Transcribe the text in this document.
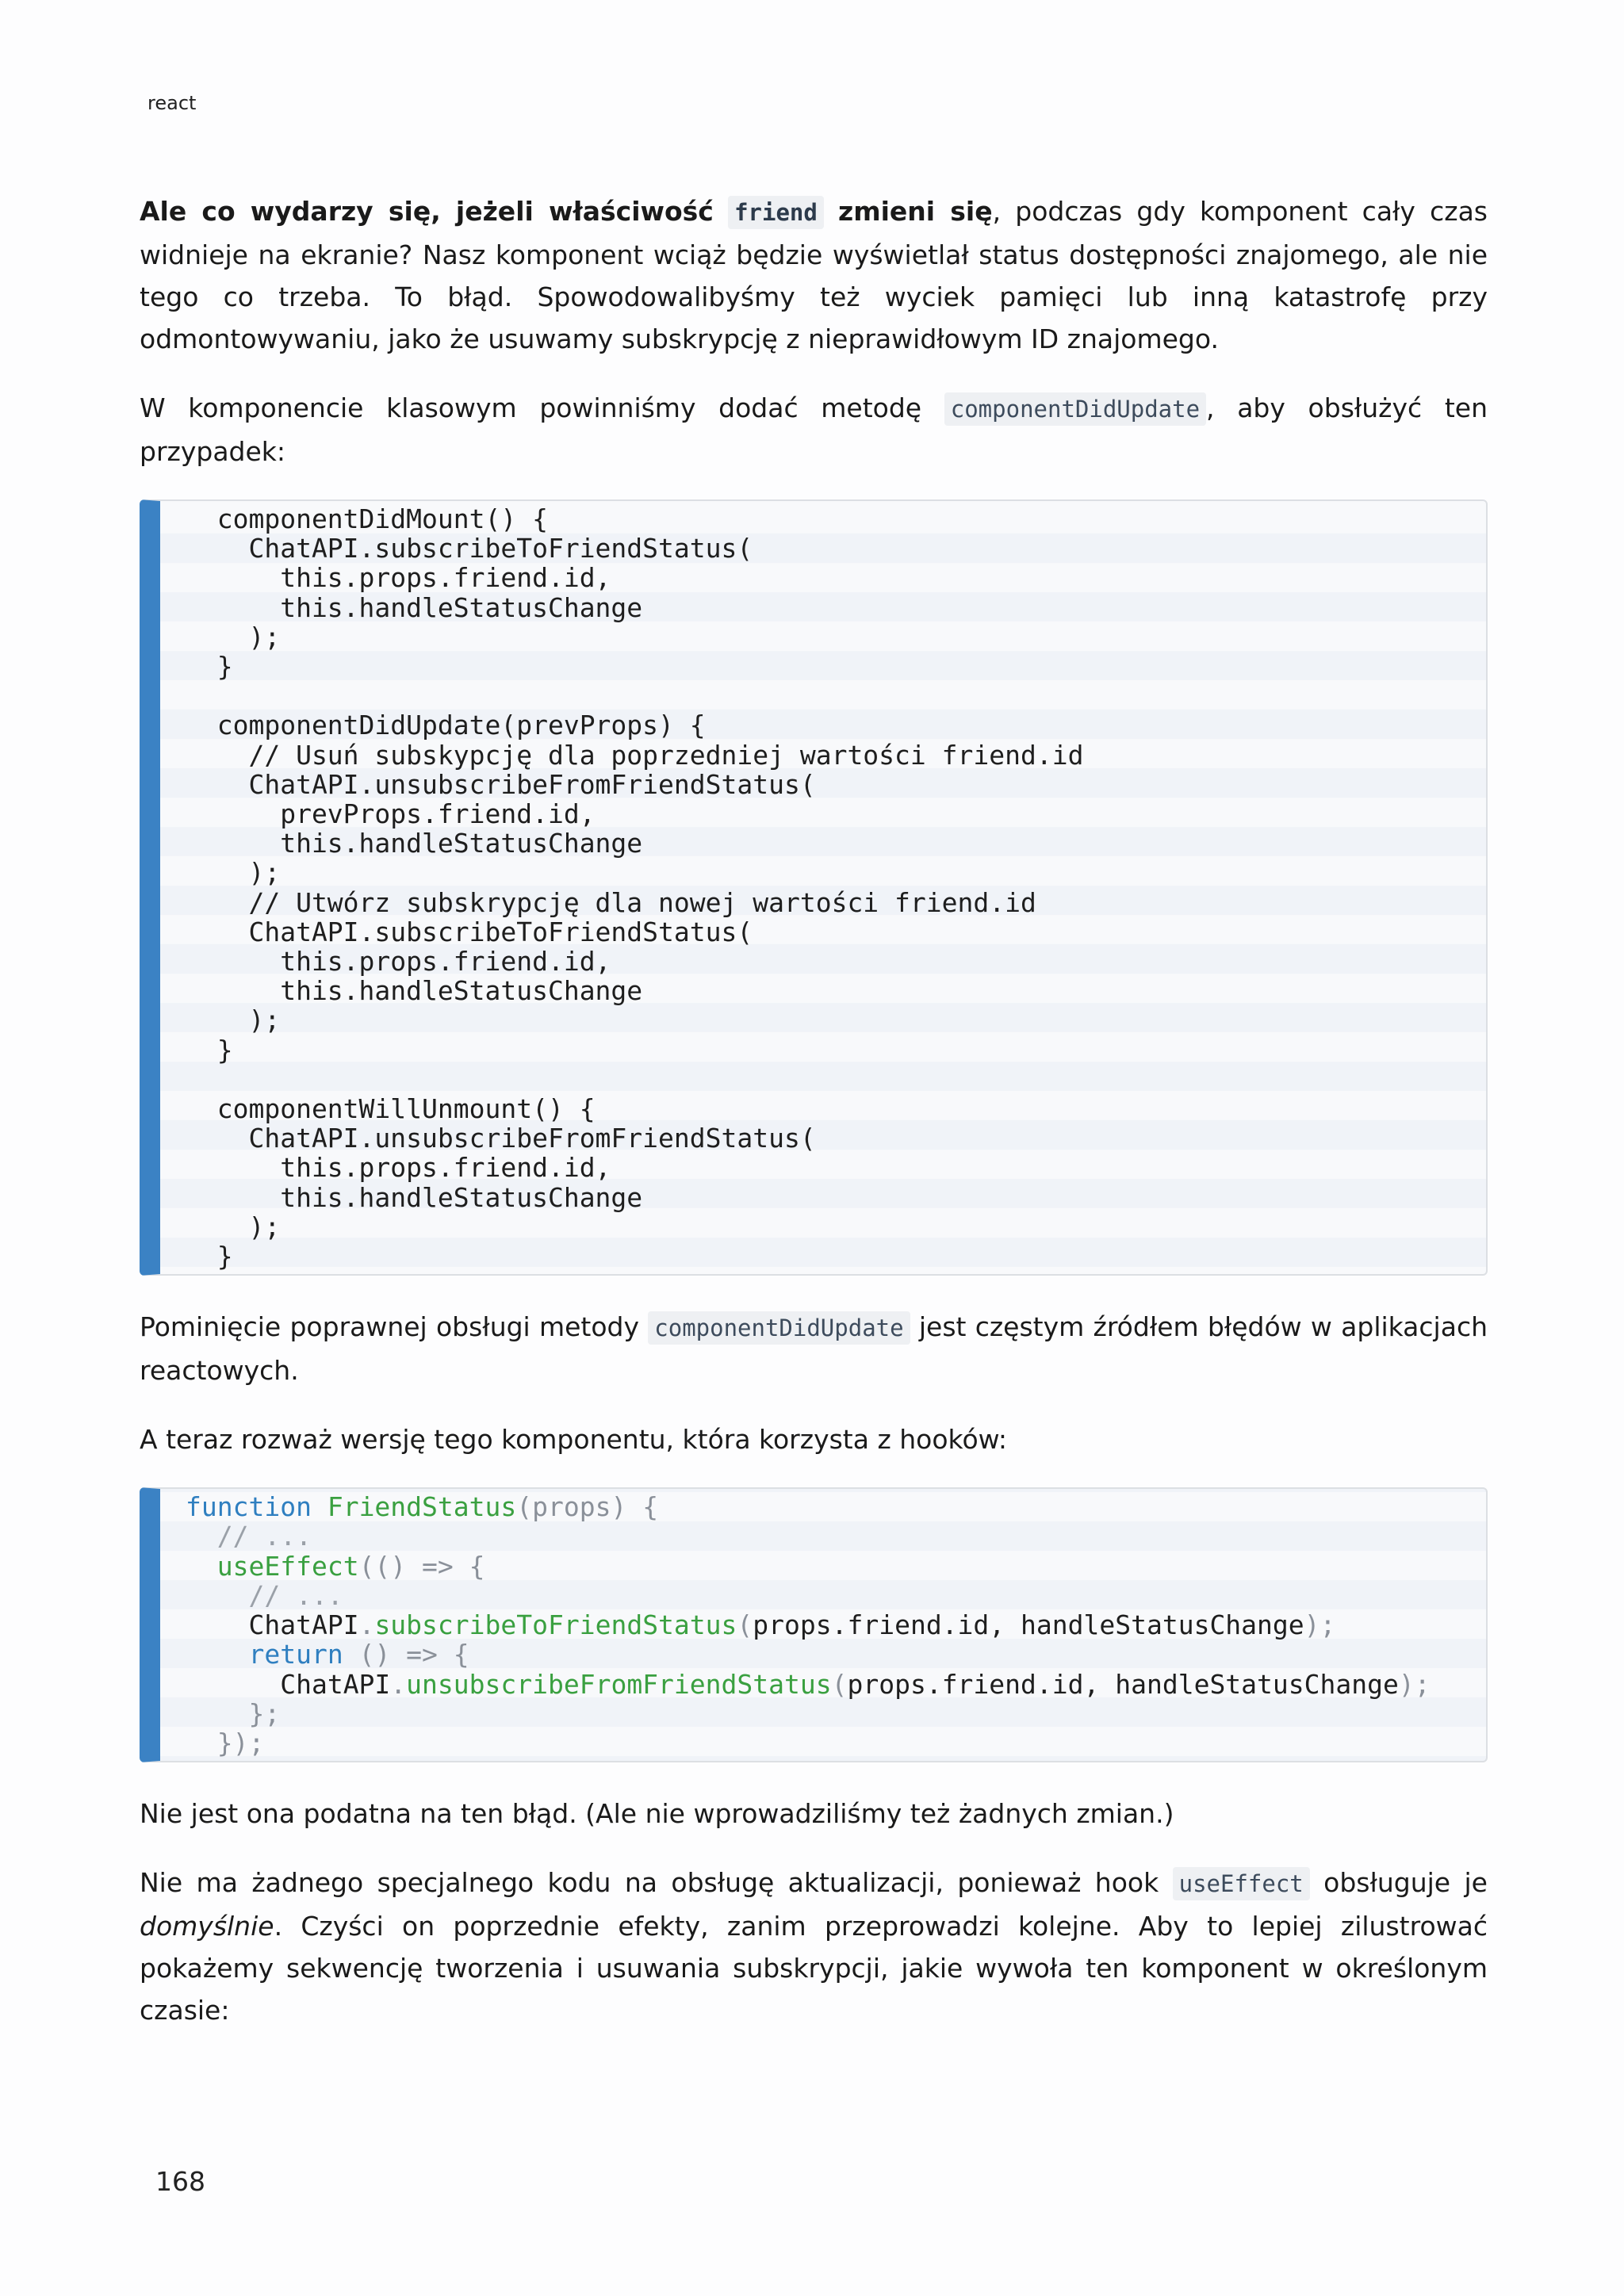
react

Ale co wydarzy się, jeżeli właściwość friend zmieni się, podczas gdy komponent cały czas widnieje na ekranie? Nasz komponent wciąż będzie wyświetlał status dostępności znajomego, ale nie tego co trzeba. To błąd. Spowodowalibyśmy też wyciek pamięci lub inną katastrofę przy odmontowywaniu, jako że usuwamy subskrypcję z nieprawidłowym ID znajomego.

W komponencie klasowym powinniśmy dodać metodę componentDidUpdate , aby obsłużyć ten przypadek:

componentDidMount() {
ChatAPI.subscribeToFriendStatus(
this.props.friend.id,
this.handleStatusChange
);
}

componentDidUpdate(prevProps) {
// Usuń subskypcję dla poprzedniej wartości friend.id
ChatAPI.unsubscribeFromFriendStatus(
prevProps.friend.id,
this.handleStatusChange
);
// Utwórz subskrypcję dla nowej wartości friend.id
ChatAPI.subscribeToFriendStatus(
this.props.friend.id,
this.handleStatusChange
);
}

componentWillUnmount() {
ChatAPI.unsubscribeFromFriendStatus(
this.props.friend.id,
this.handleStatusChange
);
}

Pominięcie poprawnej obsługi metody componentDidUpdate jest częstym źródłem błędów w aplikacjach reactowych.

A teraz rozważ wersję tego komponentu, która korzysta z hooków:

function FriendStatus(props) {
// ...
useEffect(() => {
// ...
ChatAPI.subscribeToFriendStatus(props.friend.id, handleStatusChange);
return () => {
ChatAPI.unsubscribeFromFriendStatus(props.friend.id, handleStatusChange);
};
});

Nie jest ona podatna na ten błąd. (Ale nie wprowadziliśmy też żadnych zmian.)

Nie ma żadnego specjalnego kodu na obsługę aktualizacji, ponieważ hook useEffect obsługuje je domyślnie. Czyści on poprzednie efekty, zanim przeprowadzi kolejne. Aby to lepiej zilustrować pokażemy sekwencję tworzenia i usuwania subskrypcji, jakie wywoła ten komponent w określonym czasie:

168
